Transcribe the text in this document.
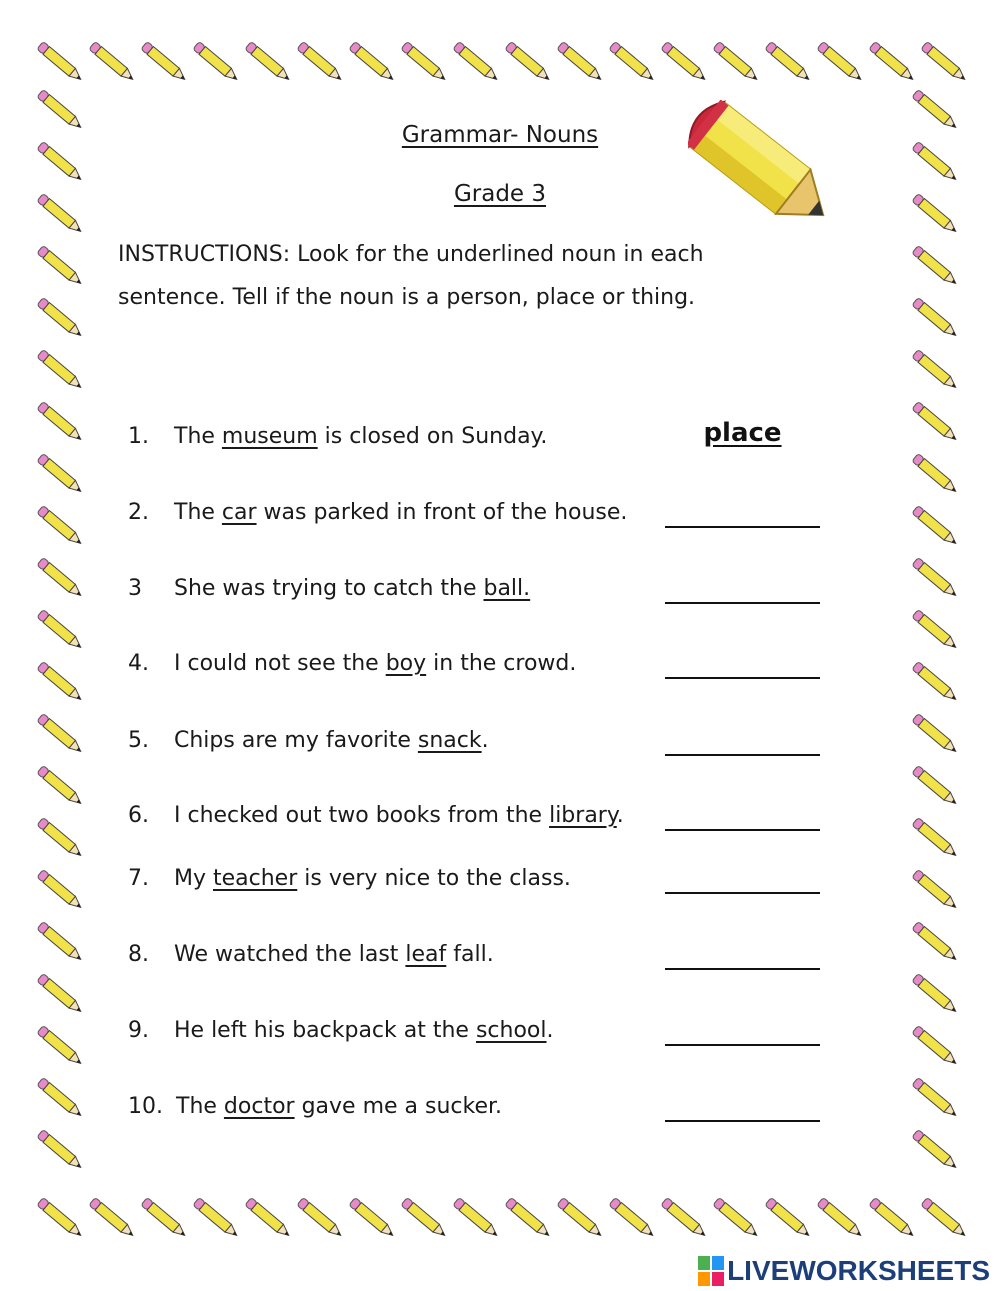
Grammar- Nouns
Grade 3
INSTRUCTIONS: Look for the underlined noun in each sentence. Tell if the noun is a person, place or thing.
1. The museum is closed on Sunday.
place
2. The car was parked in front of the house.
3 She was trying to catch the ball.
4. I could not see the boy in the crowd.
5. Chips are my favorite snack.
6. I checked out two books from the library.
7. My teacher is very nice to the class.
8. We watched the last leaf fall.
9. He left his backpack at the school.
10. The doctor gave me a sucker.
LIVEWORKSHEETS
